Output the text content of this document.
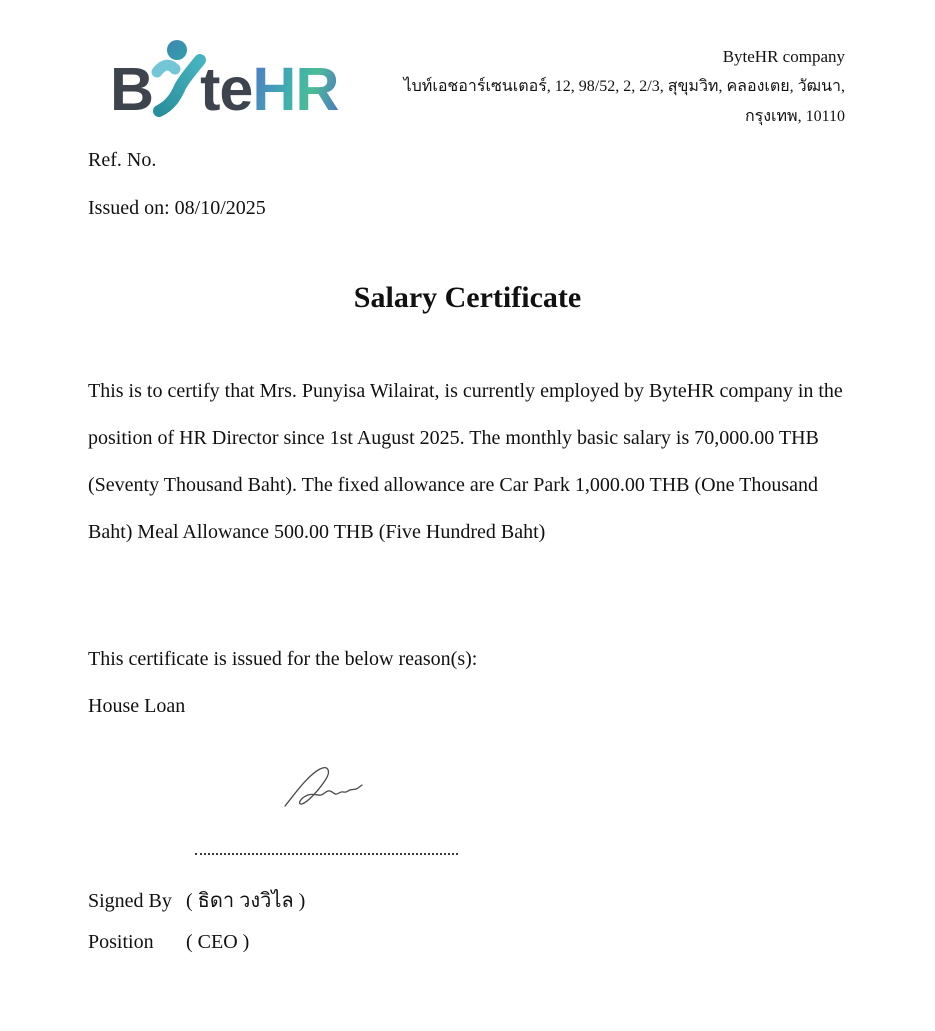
B te HR	ByteHR company
ไบท์เอชอาร์เซนเตอร์, 12, 98/52, 2, 2/3, สุขุมวิท, คลองเตย, วัฒนา,
กรุงเทพ, 10110
Ref. No.
Issued on: 08/10/2025
Salary Certificate

This is to certify that Mrs. Punyisa Wilairat, is currently employed by ByteHR company in the position of HR Director since 1st August 2025. The monthly basic salary is 70,000.00 THB (Seventy Thousand Baht). The fixed allowance are Car Park 1,000.00 THB (One Thousand Baht) Meal Allowance 500.00 THB (Five Hundred Baht)

This certificate is issued for the below reason(s):
House Loan
Signed By ( ธิดา วงวิไล )
Position ( CEO )
